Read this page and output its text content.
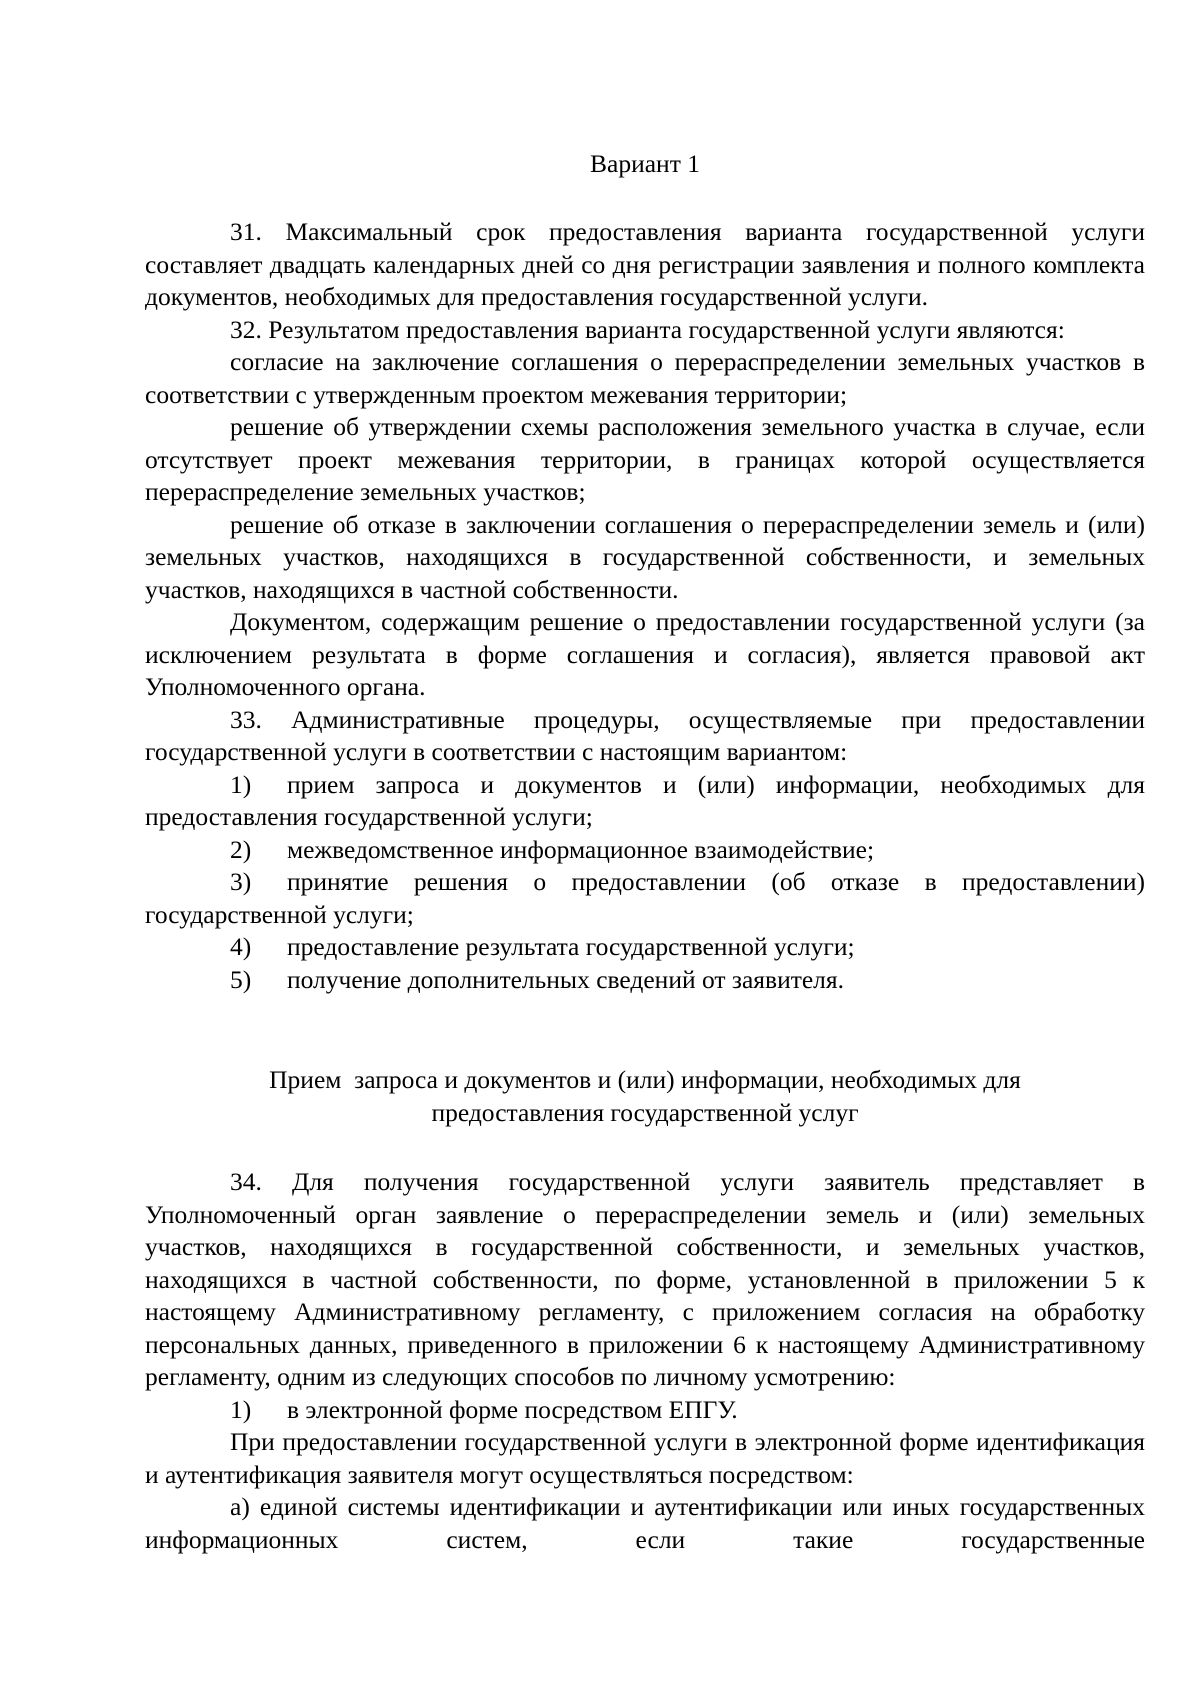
Вариант 1

31. Максимальный срок предоставления варианта государственной услуги составляет двадцать календарных дней со дня регистрации заявления и полного комплекта документов, необходимых для предоставления государственной услуги.

32. Результатом предоставления варианта государственной услуги являются:

согласие на заключение соглашения о перераспределении земельных участков в соответствии с утвержденным проектом межевания территории;

решение об утверждении схемы расположения земельного участка в случае, если отсутствует проект межевания территории, в границах которой осуществляется перераспределение земельных участков;

решение об отказе в заключении соглашения о перераспределении земель и (или) земельных участков, находящихся в государственной собственности, и земельных участков, находящихся в частной собственности.

Документом, содержащим решение о предоставлении государственной услуги (за исключением результата в форме соглашения и согласия), является правовой акт Уполномоченного органа.

33. Административные процедуры, осуществляемые при предоставлении государственной услуги в соответствии с настоящим вариантом:

1) прием запроса и документов и (или) информации, необходимых для предоставления государственной услуги;

2) межведомственное информационное взаимодействие;

3) принятие решения о предоставлении (об отказе в предоставлении) государственной услуги;

4) предоставление результата государственной услуги;

5) получение дополнительных сведений от заявителя.

Прием  запроса и документов и (или) информации, необходимых для
предоставления государственной услуг

34. Для получения государственной услуги заявитель представляет в Уполномоченный орган заявление о перераспределении земель и (или) земельных участков, находящихся в государственной собственности, и земельных участков, находящихся в частной собственности, по форме, установленной в приложении 5 к настоящему Административному регламенту, с приложением согласия на обработку персональных данных, приведенного в приложении 6 к настоящему Административному регламенту, одним из следующих способов по личному усмотрению:

1) в электронной форме посредством ЕПГУ.

При предоставлении государственной услуги в электронной форме идентификация и аутентификация заявителя могут осуществляться посредством:

а) единой системы идентификации и аутентификации или иных государственных информационных систем, если такие государственные
